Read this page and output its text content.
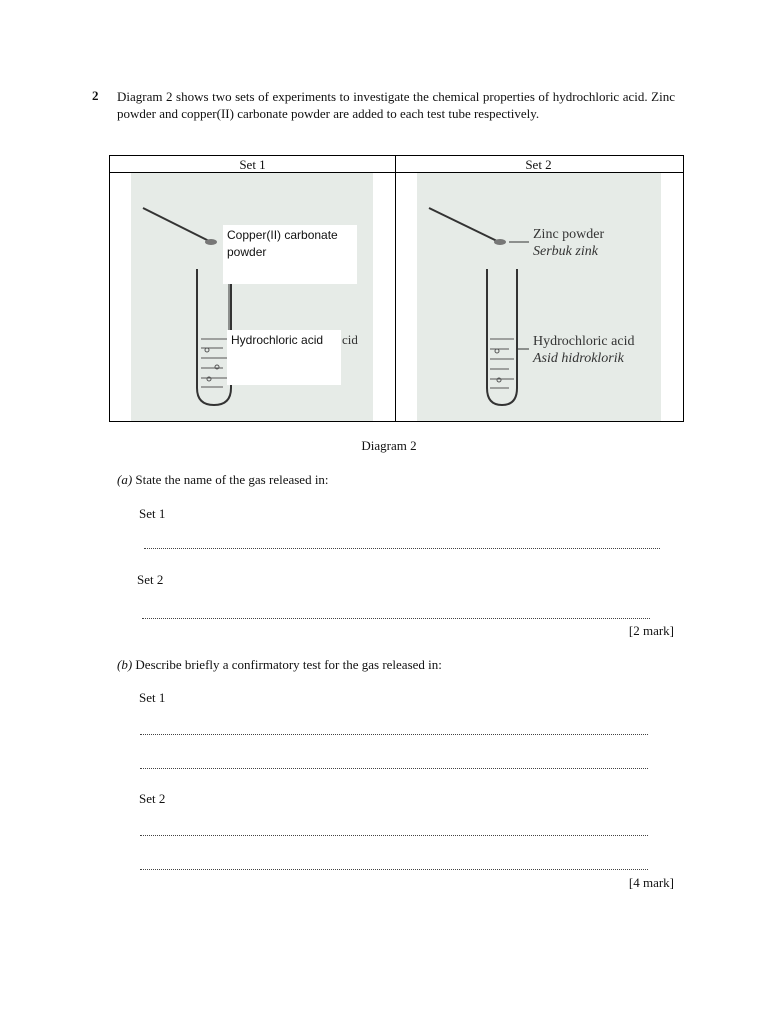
2 Diagram 2 shows two sets of experiments to investigate the chemical properties of hydrochloric acid. Zinc powder and copper(II) carbonate powder are added to each test tube respectively.
Set 1	Set 2
cid
Copper(II) carbonate powder
Hydrochloric acid
Zinc powder
Serbuk zink
Hydrochloric acid
Asid hidroklorik
Diagram 2
(a) State the name of the gas released in:
Set 1
Set 2
[2 mark]
(b) Describe briefly a confirmatory test for the gas released in:
Set 1
Set 2
[4 mark]
